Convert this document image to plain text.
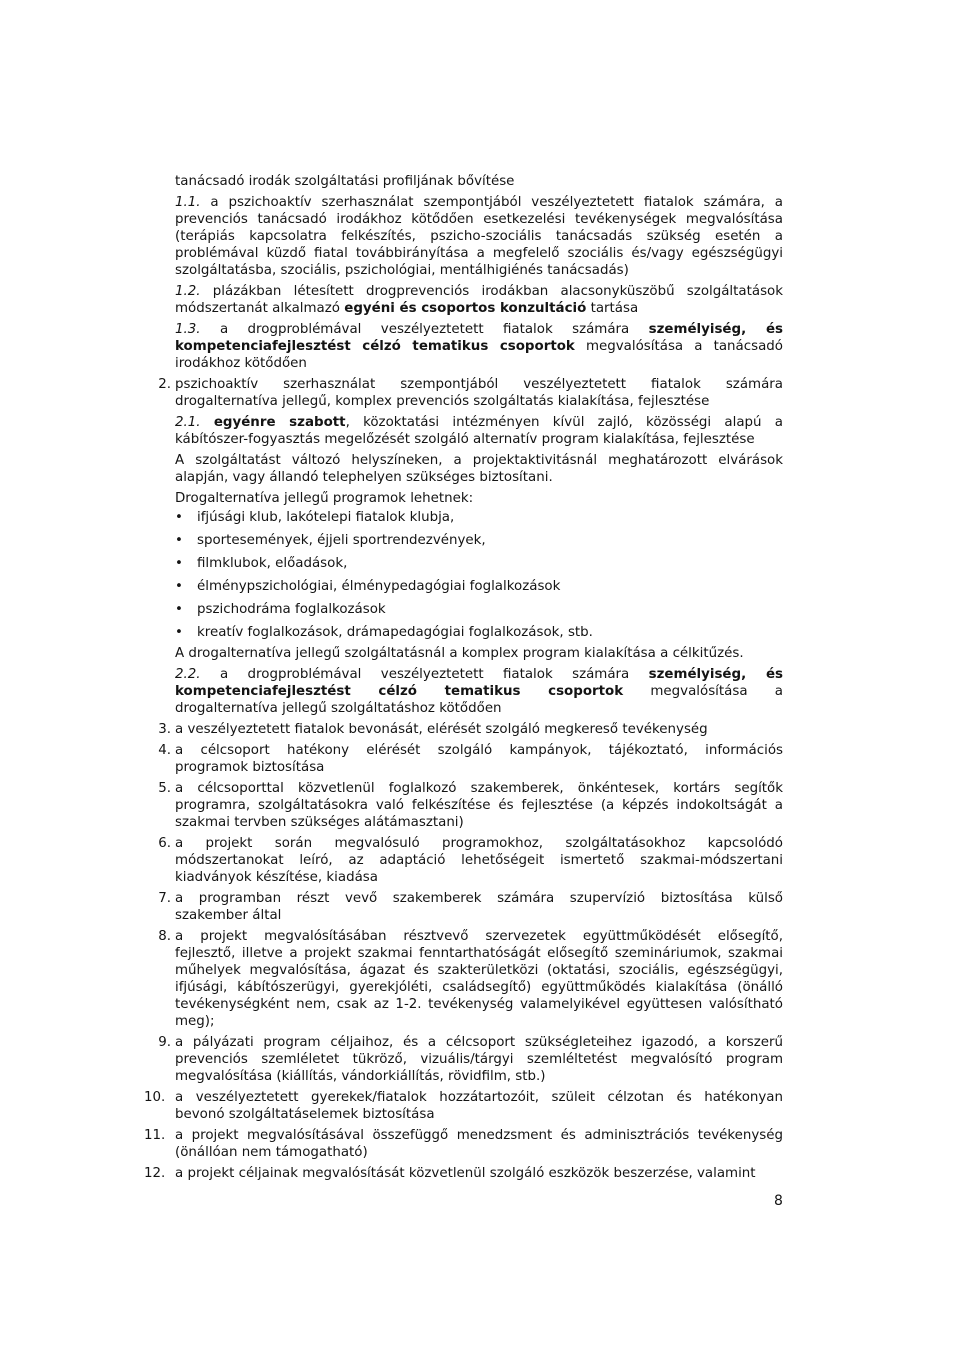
tanácsadó irodák szolgáltatási profiljának bővítése
1.1. a pszichoaktív szerhasználat szempontjából veszélyeztetett fiatalok számára, a
prevenciós tanácsadó irodákhoz kötődően esetkezelési tevékenységek megvalósítása
(terápiás kapcsolatra felkészítés, pszicho-szociális tanácsadás szükség esetén a
problémával küzdő fiatal továbbirányítása a megfelelő szociális és/vagy egészségügyi
szolgáltatásba, szociális, pszichológiai, mentálhigiénés tanácsadás)
1.2. plázákban létesített drogprevenciós irodákban alacsonyküszöbű szolgáltatások
módszertanát alkalmazó egyéni és csoportos konzultáció tartása
1.3. a drogproblémával veszélyeztetett fiatalok számára személyiség, és
kompetenciafejlesztést célzó tematikus csoportok megvalósítása a tanácsadó
irodákhoz kötődően
2. pszichoaktív szerhasználat szempontjából veszélyeztetett fiatalok számára
drogalternatíva jellegű, komplex prevenciós szolgáltatás kialakítása, fejlesztése
2.1. egyénre szabott, közoktatási intézményen kívül zajló, közösségi alapú a
kábítószer-fogyasztás megelőzését szolgáló alternatív program kialakítása, fejlesztése
A szolgáltatást változó helyszíneken, a projektaktivitásnál meghatározott elvárások
alapján, vagy állandó telephelyen szükséges biztosítani.
Drogalternatíva jellegű programok lehetnek:
• ifjúsági klub, lakótelepi fiatalok klubja,
• sportesemények, éjjeli sportrendezvények,
• filmklubok, előadások,
• élménypszichológiai, élménypedagógiai foglalkozások
• pszichodráma foglalkozások
• kreatív foglalkozások, drámapedagógiai foglalkozások, stb.
A drogalternatíva jellegű szolgáltatásnál a komplex program kialakítása a célkitűzés.
2.2. a drogproblémával veszélyeztetett fiatalok számára személyiség, és
kompetenciafejlesztést célzó tematikus csoportok megvalósítása a
drogalternatíva jellegű szolgáltatáshoz kötődően
3. a veszélyeztetett fiatalok bevonását, elérését szolgáló megkereső tevékenység
4. a célcsoport hatékony elérését szolgáló kampányok, tájékoztató, információs
programok biztosítása
5. a célcsoporttal közvetlenül foglalkozó szakemberek, önkéntesek, kortárs segítők
programra, szolgáltatásokra való felkészítése és fejlesztése (a képzés indokoltságát a
szakmai tervben szükséges alátámasztani)
6. a projekt során megvalósuló programokhoz, szolgáltatásokhoz kapcsolódó
módszertanokat leíró, az adaptáció lehetőségeit ismertető szakmai-módszertani
kiadványok készítése, kiadása
7. a programban részt vevő szakemberek számára szupervízió biztosítása külső
szakember által
8. a projekt megvalósításában résztvevő szervezetek együttműködését elősegítő,
fejlesztő, illetve a projekt szakmai fenntarthatóságát elősegítő szemináriumok, szakmai
műhelyek megvalósítása, ágazat és szakterületközi (oktatási, szociális, egészségügyi,
ifjúsági, kábítószerügyi, gyerekjóléti, családsegítő) együttműködés kialakítása (önálló
tevékenységként nem, csak az 1-2. tevékenység valamelyikével együttesen valósítható
meg);
9. a pályázati program céljaihoz, és a célcsoport szükségleteihez igazodó, a korszerű
prevenciós szemléletet tükröző, vizuális/tárgyi szemléltetést megvalósító program
megvalósítása (kiállítás, vándorkiállítás, rövidfilm, stb.)
10. a veszélyeztetett gyerekek/fiatalok hozzátartozóit, szüleit célzotan és hatékonyan
bevonó szolgáltatáselemek biztosítása
11. a projekt megvalósításával összefüggő menedzsment és adminisztrációs tevékenység
(önállóan nem támogatható)
12. a projekt céljainak megvalósítását közvetlenül szolgáló eszközök beszerzése, valamint
8
